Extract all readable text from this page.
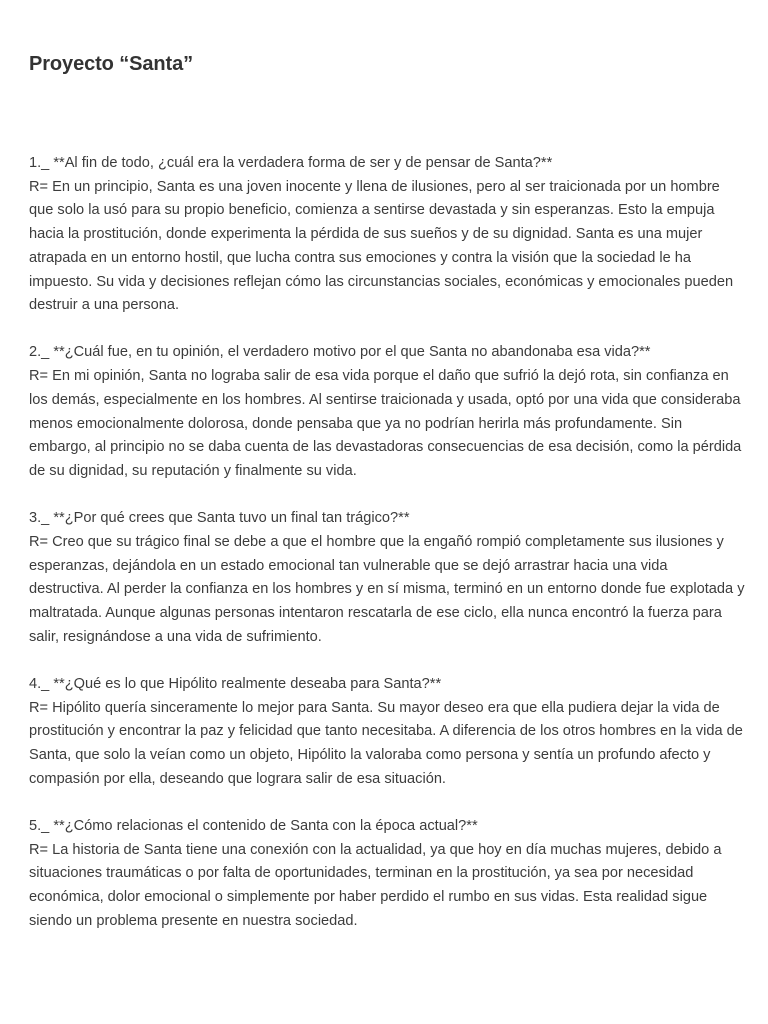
Proyecto “Santa”

1._ **Al fin de todo, ¿cuál era la verdadera forma de ser y de pensar de Santa?**
R= En un principio, Santa es una joven inocente y llena de ilusiones, pero al ser traicionada por un hombre que solo la usó para su propio beneficio, comienza a sentirse devastada y sin esperanzas. Esto la empuja hacia la prostitución, donde experimenta la pérdida de sus sueños y de su dignidad. Santa es una mujer atrapada en un entorno hostil, que lucha contra sus emociones y contra la visión que la sociedad le ha impuesto. Su vida y decisiones reflejan cómo las circunstancias sociales, económicas y emocionales pueden destruir a una persona.

2._ **¿Cuál fue, en tu opinión, el verdadero motivo por el que Santa no abandonaba esa vida?**
R= En mi opinión, Santa no lograba salir de esa vida porque el daño que sufrió la dejó rota, sin confianza en los demás, especialmente en los hombres. Al sentirse traicionada y usada, optó por una vida que consideraba menos emocionalmente dolorosa, donde pensaba que ya no podrían herirla más profundamente. Sin embargo, al principio no se daba cuenta de las devastadoras consecuencias de esa decisión, como la pérdida de su dignidad, su reputación y finalmente su vida.

3._ **¿Por qué crees que Santa tuvo un final tan trágico?**
R= Creo que su trágico final se debe a que el hombre que la engañó rompió completamente sus ilusiones y esperanzas, dejándola en un estado emocional tan vulnerable que se dejó arrastrar hacia una vida destructiva. Al perder la confianza en los hombres y en sí misma, terminó en un entorno donde fue explotada y maltratada. Aunque algunas personas intentaron rescatarla de ese ciclo, ella nunca encontró la fuerza para salir, resignándose a una vida de sufrimiento.

4._ **¿Qué es lo que Hipólito realmente deseaba para Santa?**
R= Hipólito quería sinceramente lo mejor para Santa. Su mayor deseo era que ella pudiera dejar la vida de prostitución y encontrar la paz y felicidad que tanto necesitaba. A diferencia de los otros hombres en la vida de Santa, que solo la veían como un objeto, Hipólito la valoraba como persona y sentía un profundo afecto y compasión por ella, deseando que lograra salir de esa situación.

5._ **¿Cómo relacionas el contenido de Santa con la época actual?**
R= La historia de Santa tiene una conexión con la actualidad, ya que hoy en día muchas mujeres, debido a situaciones traumáticas o por falta de oportunidades, terminan en la prostitución, ya sea por necesidad económica, dolor emocional o simplemente por haber perdido el rumbo en sus vidas. Esta realidad sigue siendo un problema presente en nuestra sociedad.
